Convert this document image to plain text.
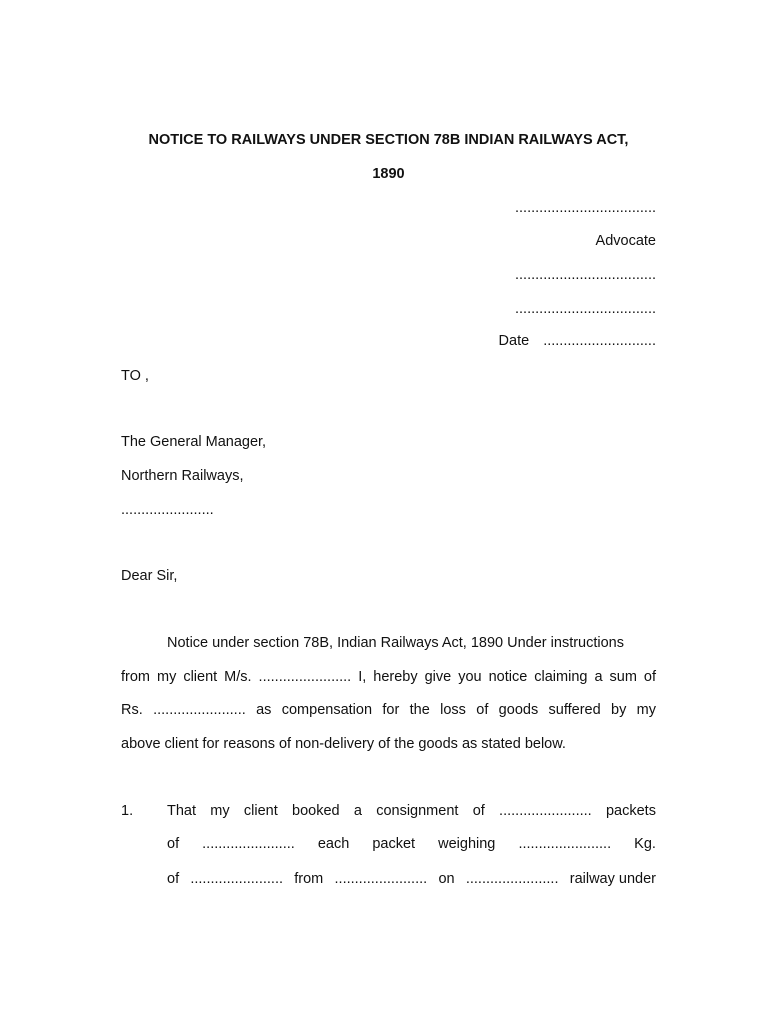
NOTICE TO RAILWAYS UNDER SECTION 78B INDIAN RAILWAYS ACT,
1890
...................................
Advocate
...................................
...................................
Date ............................
TO ,
The General Manager,
Northern Railways,
.......................
Dear Sir,
Notice under section 78B, Indian Railways Act, 1890 Under instructions
from my client M/s. ....................... I, hereby give you notice claiming a sum of
Rs. ....................... as compensation for the loss of goods suffered by my
above client for reasons of non-delivery of the goods as stated below.
1. That my client booked a consignment of ....................... packets
of ....................... each packet weighing ....................... Kg.
of ....................... from ....................... on ....................... railway under
